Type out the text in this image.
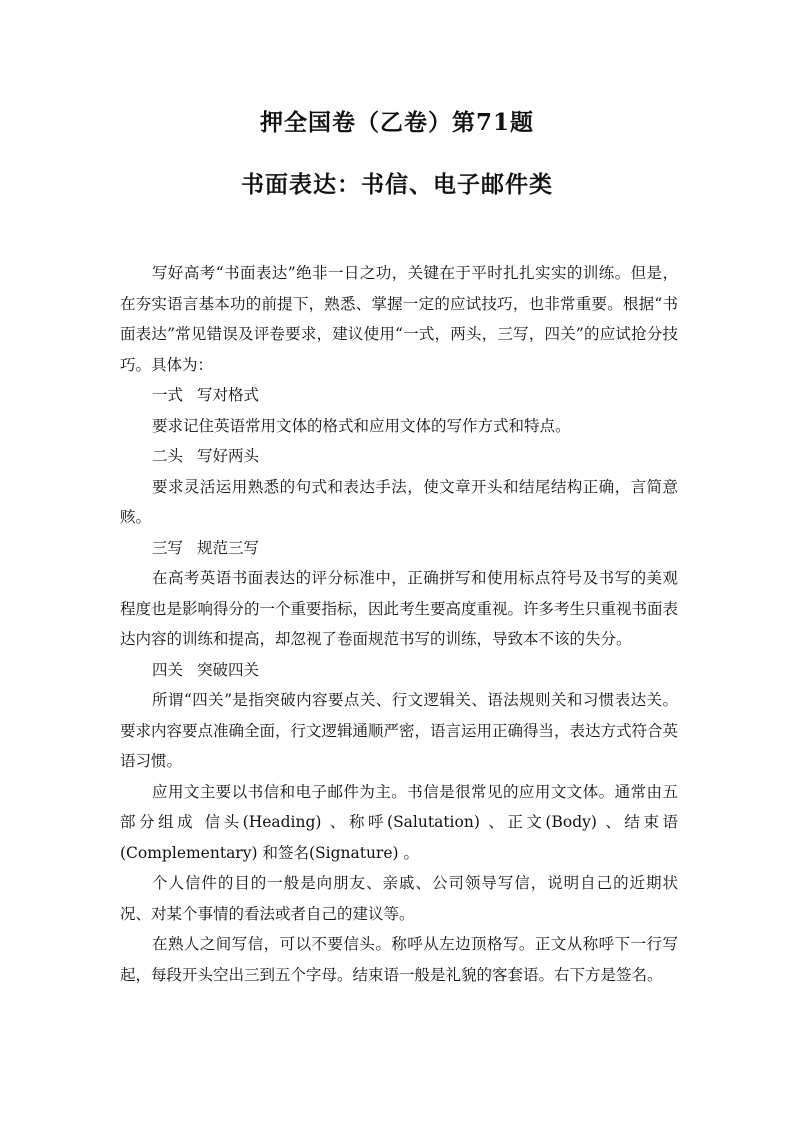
押全国卷（乙卷）第71题
书面表达：书信、电子邮件类

写好高考“书面表达”绝非一日之功，关键在于平时扎扎实实的训练。但是，在夯实语言基本功的前提下，熟悉、掌握一定的应试技巧，也非常重要。根据“书面表达”常见错误及评卷要求，建议使用“一式，两头，三写，四关”的应试抢分技巧。具体为：

一式 写对格式

要求记住英语常用文体的格式和应用文体的写作方式和特点。

二头 写好两头

要求灵活运用熟悉的句式和表达手法，使文章开头和结尾结构正确，言简意赅。

三写 规范三写

在高考英语书面表达的评分标准中，正确拼写和使用标点符号及书写的美观程度也是影响得分的一个重要指标，因此考生要高度重视。许多考生只重视书面表达内容的训练和提高，却忽视了卷面规范书写的训练，导致本不该的失分。

四关 突破四关

所谓“四关”是指突破内容要点关、行文逻辑关、语法规则关和习惯表达关。要求内容要点准确全面，行文逻辑通顺严密，语言运用正确得当，表达方式符合英语习惯。

应用文主要以书信和电子邮件为主。书信是很常见的应用文文体。通常由五部分组成 信头(Heading) 、称呼(Salutation) 、正文(Body) 、结束语(Complementary) 和签名(Signature) 。

个人信件的目的一般是向朋友、亲戚、公司领导写信，说明自己的近期状况、对某个事情的看法或者自己的建议等。

在熟人之间写信，可以不要信头。称呼从左边顶格写。正文从称呼下一行写起，每段开头空出三到五个字母。结束语一般是礼貌的客套语。右下方是签名。
